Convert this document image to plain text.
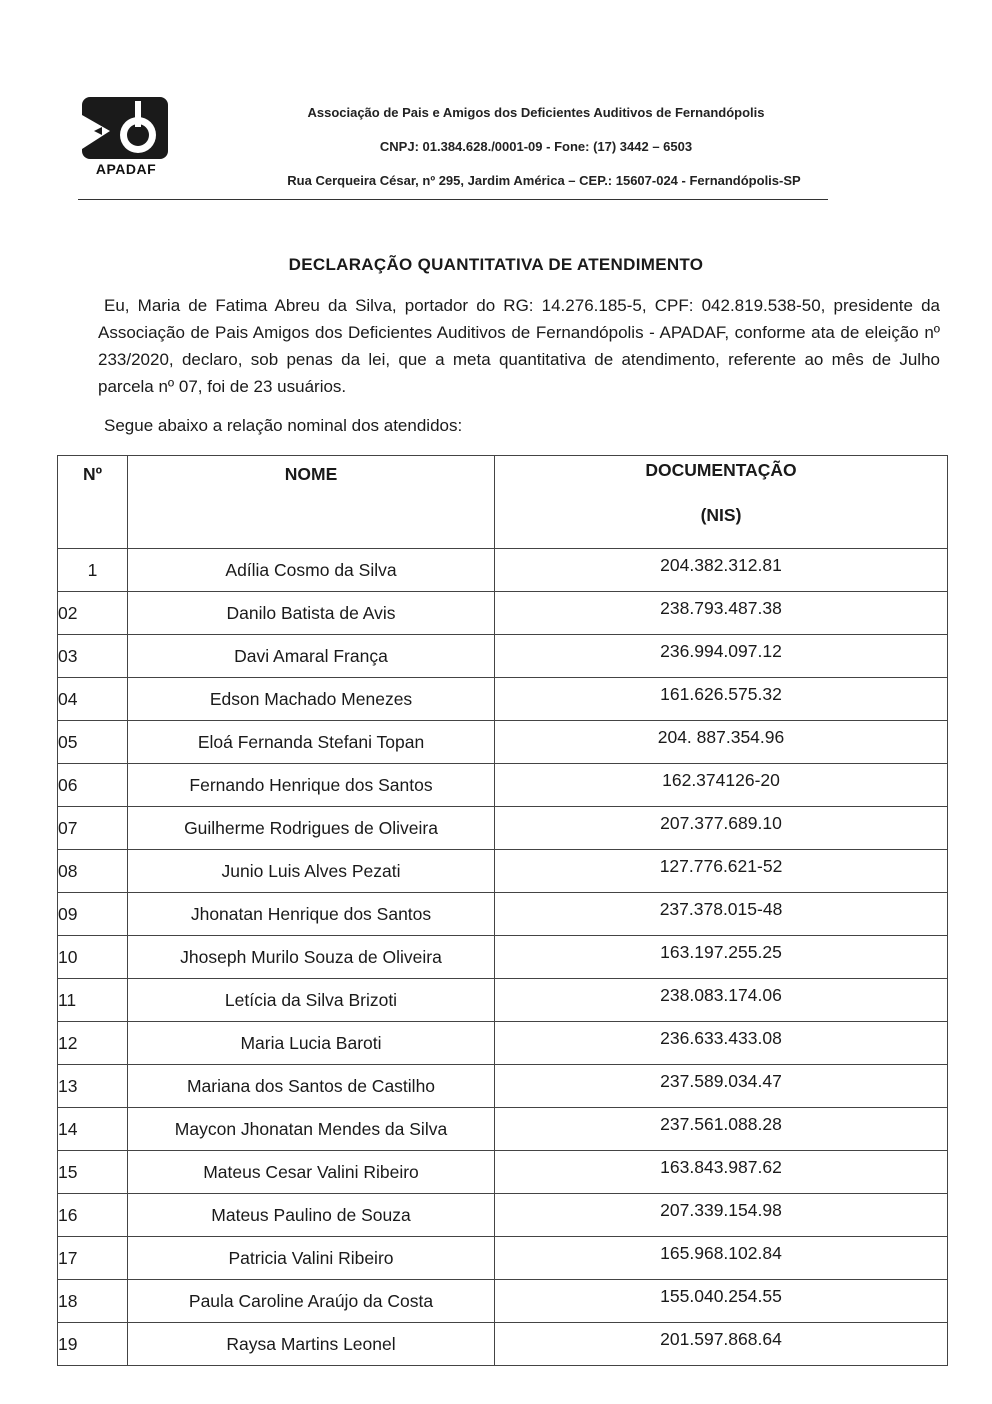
APADAF
Associação de Pais e Amigos dos Deficientes Auditivos de Fernandópolis
CNPJ: 01.384.628./0001-09 - Fone: (17) 3442 – 6503
Rua Cerqueira César, nº 295, Jardim América – CEP.: 15607-024 - Fernandópolis-SP
DECLARAÇÃO QUANTITATIVA DE ATENDIMENTO
Eu, Maria de Fatima Abreu da Silva, portador do RG: 14.276.185-5, CPF: 042.819.538-50, presidente da Associação de Pais Amigos dos Deficientes Auditivos de Fernandópolis - APADAF, conforme ata de eleição nº 233/2020, declaro, sob penas da lei, que a meta quantitativa de atendimento, referente ao mês de Julho parcela nº 07, foi de 23 usuários.
Segue abaixo a relação nominal dos atendidos:
Nº	NOME	DOCUMENTAÇÃO
(NIS)

1	Adília Cosmo da Silva	204.382.312.81
02	Danilo Batista de Avis	238.793.487.38
03	Davi Amaral França	236.994.097.12
04	Edson Machado Menezes	161.626.575.32
05	Eloá Fernanda Stefani Topan	204. 887.354.96
06	Fernando Henrique dos Santos	162.374126-20
07	Guilherme Rodrigues de Oliveira	207.377.689.10
08	Junio Luis Alves Pezati	127.776.621-52
09	Jhonatan Henrique dos Santos	237.378.015-48
10	Jhoseph Murilo Souza de Oliveira	163.197.255.25
11	Letícia da Silva Brizoti	238.083.174.06
12	Maria Lucia Baroti	236.633.433.08
13	Mariana dos Santos de Castilho	237.589.034.47
14	Maycon Jhonatan Mendes da Silva	237.561.088.28
15	Mateus Cesar Valini Ribeiro	163.843.987.62
16	Mateus Paulino de Souza	207.339.154.98
17	Patricia Valini Ribeiro	165.968.102.84
18	Paula Caroline Araújo da Costa	155.040.254.55
19	Raysa Martins Leonel	201.597.868.64
